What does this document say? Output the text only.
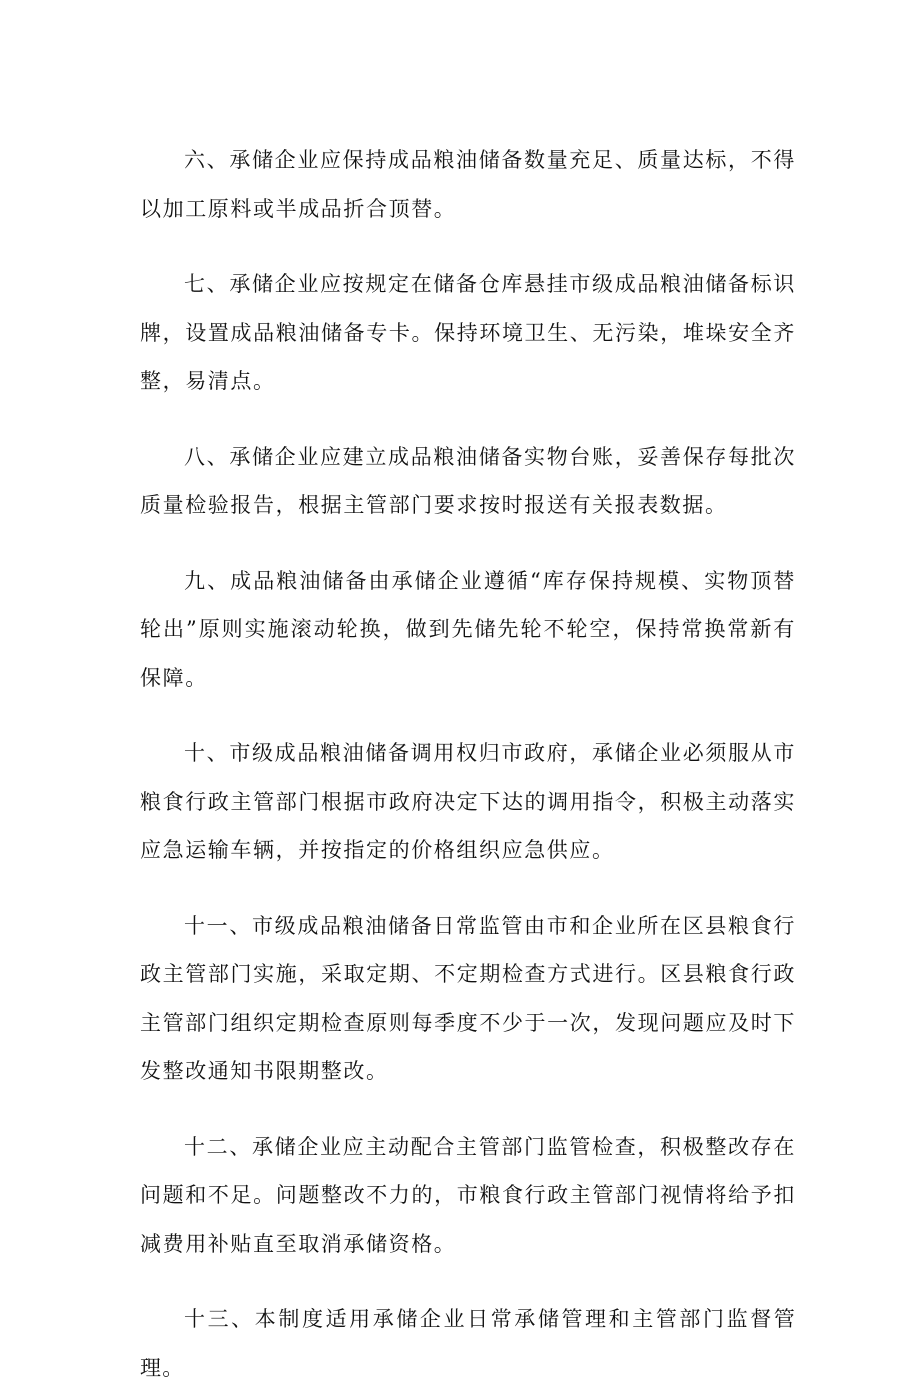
六、承储企业应保持成品粮油储备数量充足、质量达标，不得以加工原料或半成品折合顶替。

七、承储企业应按规定在储备仓库悬挂市级成品粮油储备标识牌，设置成品粮油储备专卡。保持环境卫生、无污染，堆垛安全齐整，易清点。

八、承储企业应建立成品粮油储备实物台账，妥善保存每批次质量检验报告，根据主管部门要求按时报送有关报表数据。

九、成品粮油储备由承储企业遵循“库存保持规模、实物顶替轮出”原则实施滚动轮换，做到先储先轮不轮空，保持常换常新有保障。

十、市级成品粮油储备调用权归市政府，承储企业必须服从市粮食行政主管部门根据市政府决定下达的调用指令，积极主动落实应急运输车辆，并按指定的价格组织应急供应。

十一、市级成品粮油储备日常监管由市和企业所在区县粮食行政主管部门实施，采取定期、不定期检查方式进行。区县粮食行政主管部门组织定期检查原则每季度不少于一次，发现问题应及时下发整改通知书限期整改。

十二、承储企业应主动配合主管部门监管检查，积极整改存在问题和不足。问题整改不力的，市粮食行政主管部门视情将给予扣减费用补贴直至取消承储资格。

十三、本制度适用承储企业日常承储管理和主管部门监督管理。
